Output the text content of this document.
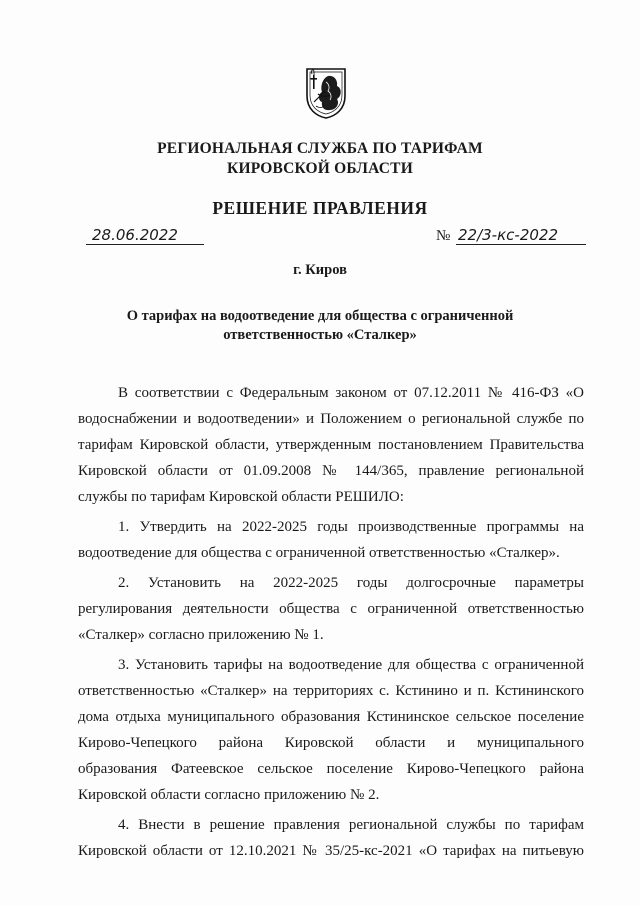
РЕГИОНАЛЬНАЯ СЛУЖБА ПО ТАРИФАМ
КИРОВСКОЙ ОБЛАСТИ
РЕШЕНИЕ ПРАВЛЕНИЯ
28.06.2022	№ 22/3-кс-2022
г. Киров
О тарифах на водоотведение для общества с ограниченной
ответственностью «Сталкер»
В соответствии с Федеральным законом от 07.12.2011 № 416-ФЗ «О
водоснабжении и водоотведении» и Положением о региональной службе по
тарифам Кировской области, утвержденным постановлением Правительства
Кировской области от 01.09.2008 № 144/365, правление региональной
службы по тарифам Кировской области РЕШИЛО:
1. Утвердить на 2022-2025 годы производственные программы на
водоотведение для общества с ограниченной ответственностью «Сталкер».
2. Установить на 2022-2025 годы долгосрочные параметры
регулирования деятельности общества с ограниченной ответственностью
«Сталкер» согласно приложению № 1.
3. Установить тарифы на водоотведение для общества с ограниченной
ответственностью «Сталкер» на территориях с. Кстинино и п. Кстининского
дома отдыха муниципального образования Кстининское сельское поселение
Кирово-Чепецкого района Кировской области и муниципального
образования Фатеевское сельское поселение Кирово-Чепецкого района
Кировской области согласно приложению № 2.
4. Внести в решение правления региональной службы по тарифам
Кировской области от 12.10.2021 № 35/25-кс-2021 «О тарифах на питьевую
